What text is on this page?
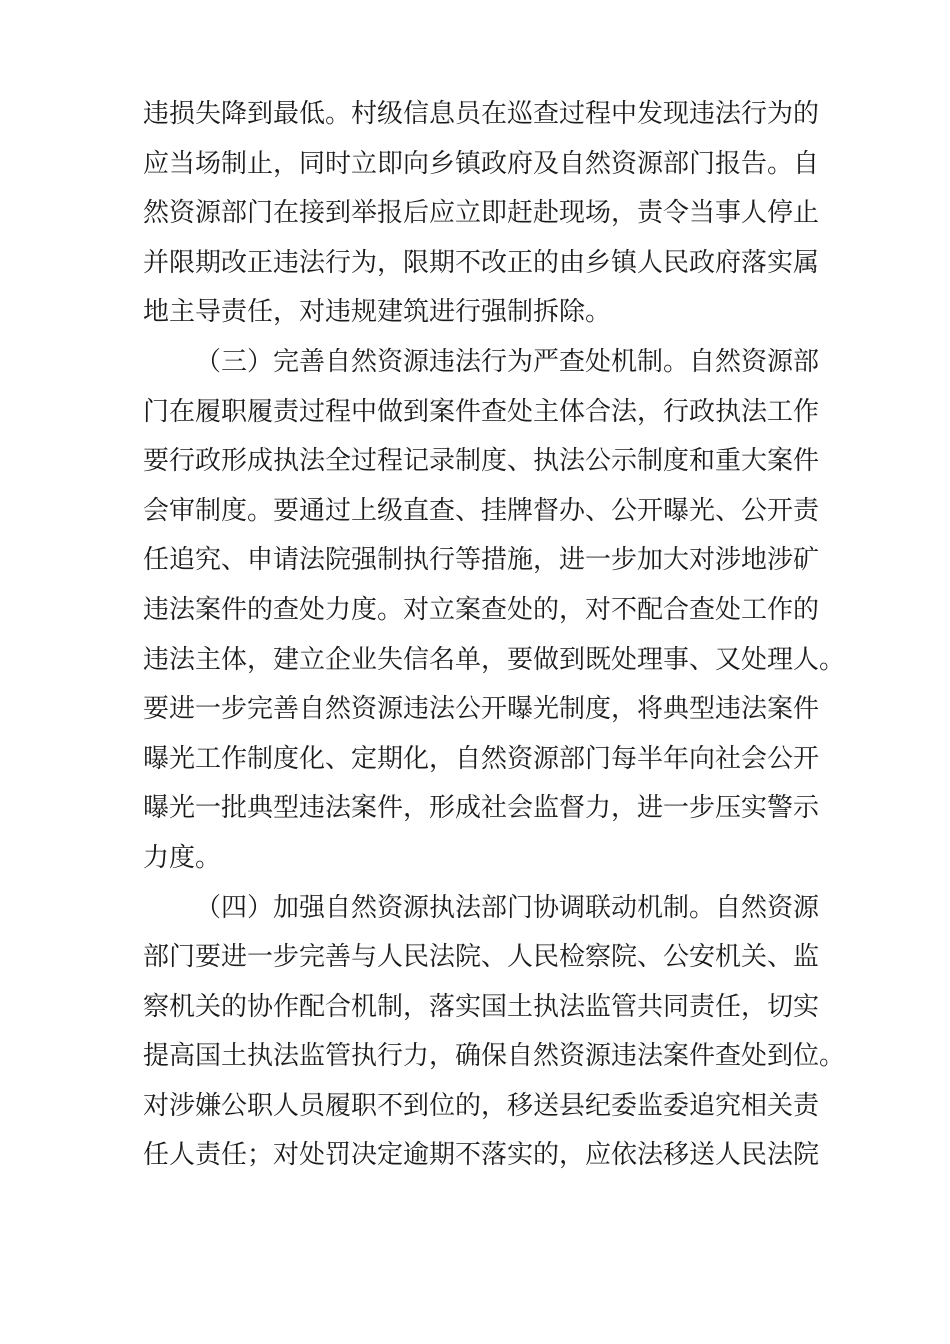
违损失降到最低。村级信息员在巡查过程中发现违法行为的
应当场制止，同时立即向乡镇政府及自然资源部门报告。自
然资源部门在接到举报后应立即赶赴现场，责令当事人停止
并限期改正违法行为，限期不改正的由乡镇人民政府落实属
地主导责任，对违规建筑进行强制拆除。
（三）完善自然资源违法行为严查处机制。自然资源部
门在履职履责过程中做到案件查处主体合法，行政执法工作
要行政形成执法全过程记录制度、执法公示制度和重大案件
会审制度。要通过上级直查、挂牌督办、公开曝光、公开责
任追究、申请法院强制执行等措施，进一步加大对涉地涉矿
违法案件的查处力度。对立案查处的，对不配合查处工作的
违法主体，建立企业失信名单，要做到既处理事、又处理人。
要进一步完善自然资源违法公开曝光制度，将典型违法案件
曝光工作制度化、定期化，自然资源部门每半年向社会公开
曝光一批典型违法案件，形成社会监督力，进一步压实警示
力度。
（四）加强自然资源执法部门协调联动机制。自然资源
部门要进一步完善与人民法院、人民检察院、公安机关、监
察机关的协作配合机制，落实国土执法监管共同责任，切实
提高国土执法监管执行力，确保自然资源违法案件查处到位。
对涉嫌公职人员履职不到位的，移送县纪委监委追究相关责
任人责任；对处罚决定逾期不落实的，应依法移送人民法院
